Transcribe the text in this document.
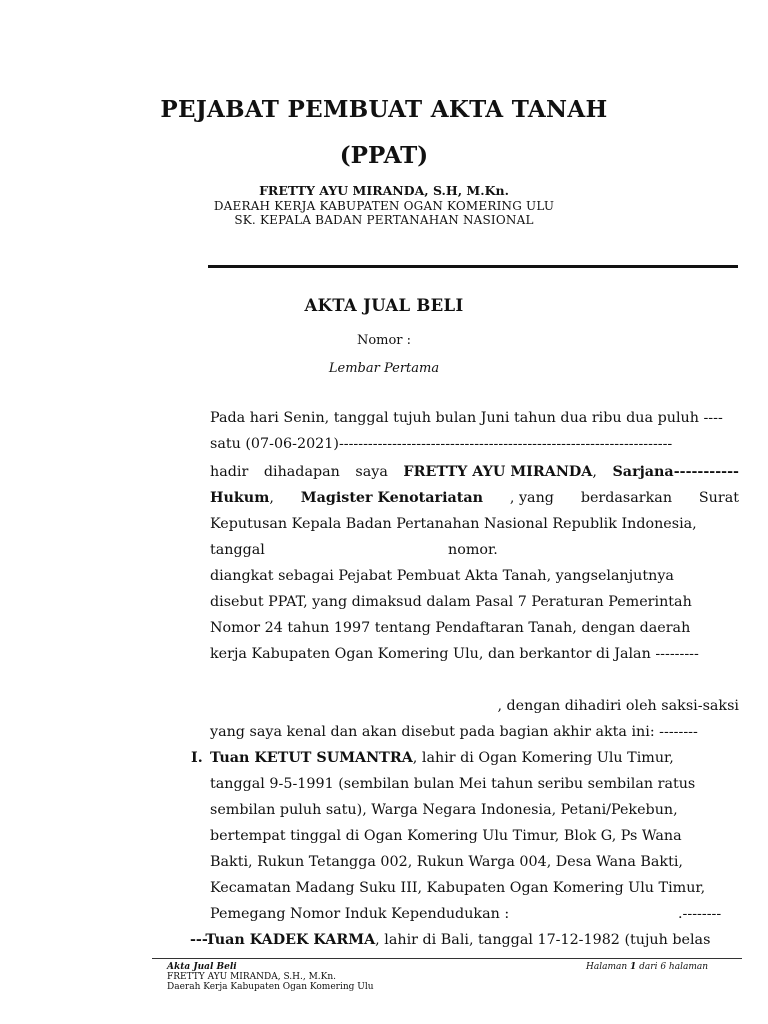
PEJABAT PEMBUAT AKTA TANAH
(PPAT)
FRETTY AYU MIRANDA, S.H, M.Kn.
DAERAH KERJA KABUPATEN OGAN KOMERING ULU
SK. KEPALA BADAN PERTANAHAN NASIONAL
AKTA JUAL BELI
Nomor :
Lembar Pertama
Pada hari Senin, tanggal tujuh bulan Juni tahun dua ribu dua puluh ----
satu (07-06-2021)---------------------------------------------------------------------
hadir dihadapan saya FRETTY AYU MIRANDA, Sarjana-----------
Hukum, Magister Kenotariatan , yang berdasarkan Surat
Keputusan Kepala Badan Pertanahan Nasional Republik Indonesia,
tanggal	nomor.
diangkat sebagai Pejabat Pembuat Akta Tanah, yangselanjutnya
disebut PPAT, yang dimaksud dalam Pasal 7 Peraturan Pemerintah
Nomor 24 tahun 1997 tentang Pendaftaran Tanah, dengan daerah
kerja Kabupaten Ogan Komering Ulu, dan berkantor di Jalan ---------
, dengan dihadiri oleh saksi-saksi
yang saya kenal dan akan disebut pada bagian akhir akta ini: --------
I. Tuan KETUT SUMANTRA, lahir di Ogan Komering Ulu Timur,
tanggal 9-5-1991 (sembilan bulan Mei tahun seribu sembilan ratus
sembilan puluh satu), Warga Negara Indonesia, Petani/Pekebun,
bertempat tinggal di Ogan Komering Ulu Timur, Blok G, Ps Wana
Bakti, Rukun Tetangga 002, Rukun Warga 004, Desa Wana Bakti,
Kecamatan Madang Suku III, Kabupaten Ogan Komering Ulu Timur,
Pemegang Nomor Induk Kependudukan :	.--------
---Tuan KADEK KARMA, lahir di Bali, tanggal 17-12-1982 (tujuh belas
Akta Jual Beli
FRETTY AYU MIRANDA, S.H., M.Kn.
Daerah Kerja Kabupaten Ogan Komering Ulu
Halaman 1 dari 6 halaman
